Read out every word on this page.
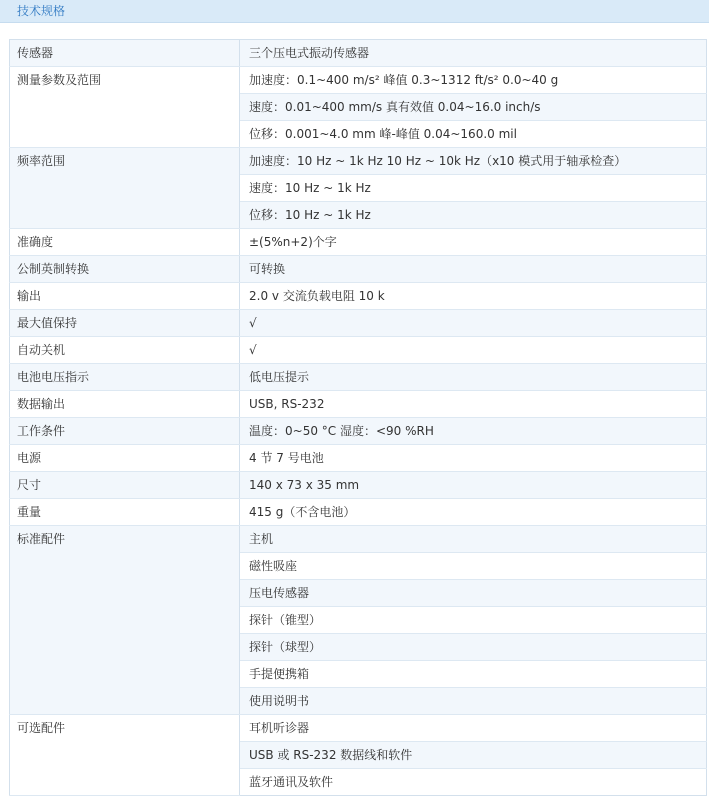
技术规格
传感器	三个压电式振动传感器
测量参数及范围	加速度：0.1~400 m/s² 峰值 0.3~1312 ft/s² 0.0~40 g
	速度：0.01~400 mm/s 真有效值 0.04~16.0 inch/s
	位移：0.001~4.0 mm 峰-峰值 0.04~160.0 mil
频率范围	加速度：10 Hz ~ 1k Hz 10 Hz ~ 10k Hz（x10 模式用于轴承检查）
	速度：10 Hz ~ 1k Hz
	位移：10 Hz ~ 1k Hz
准确度	±(5%n+2)个字
公制英制转换	可转换
输出	2.0 v 交流负载电阻 10 k
最大值保持	√
自动关机	√
电池电压指示	低电压提示
数据输出	USB, RS-232
工作条件	温度：0~50 °C 湿度：<90 %RH
电源	4 节 7 号电池
尺寸	140 x 73 x 35 mm
重量	415 g（不含电池）
标准配件	主机
	磁性吸座
	压电传感器
	探针（锥型）
	探针（球型）
	手提便携箱
	使用说明书
可选配件	耳机听诊器
	USB 或 RS-232 数据线和软件
	蓝牙通讯及软件
